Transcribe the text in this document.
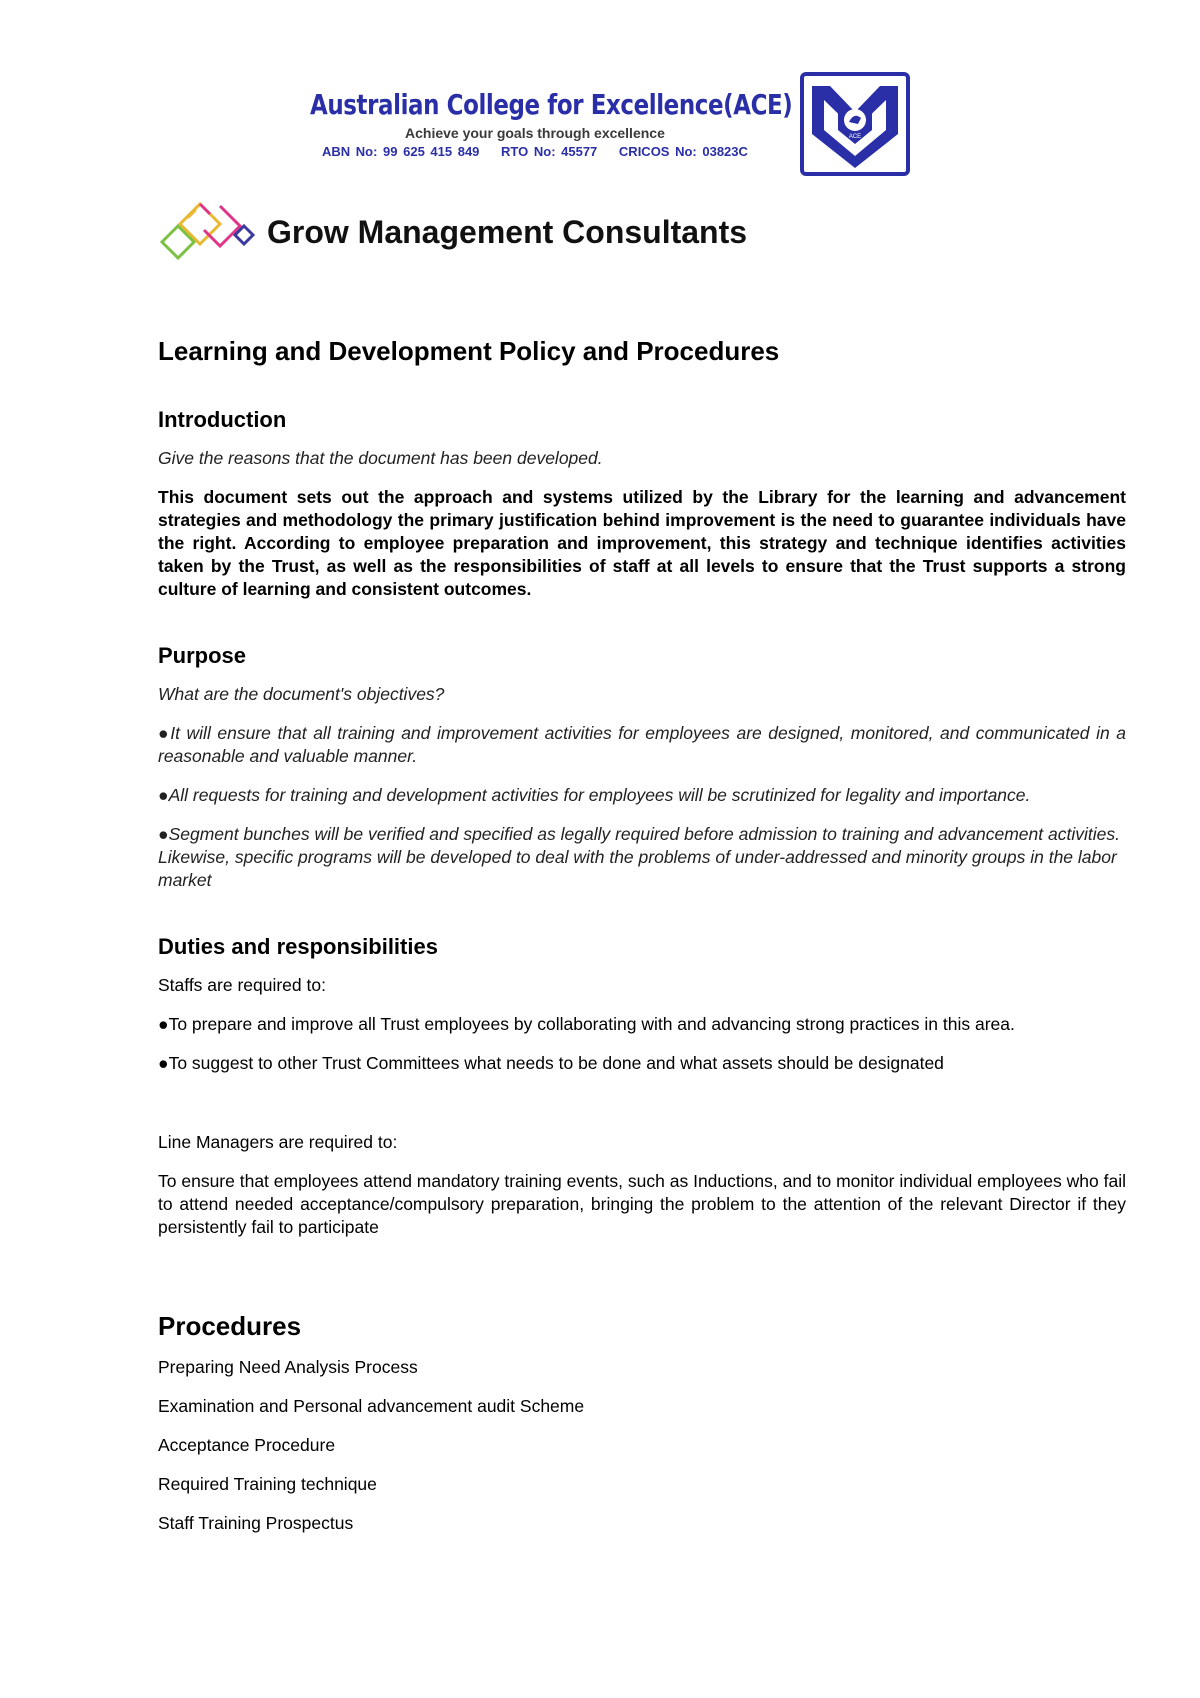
Australian College for Excellence(ACE)
Achieve your goals through excellence
ABN No: 99 625 415 849 RTO No: 45577 CRICOS No: 03823C
ACE
Grow Management Consultants
Learning and Development Policy and Procedures
Introduction

Give the reasons that the document has been developed.

This document sets out the approach and systems utilized by the Library for the learning and advancement strategies and methodology the primary justification behind improvement is the need to guarantee individuals have the right. According to employee preparation and improvement, this strategy and technique identifies activities taken by the Trust, as well as the responsibilities of staff at all levels to ensure that the Trust supports a strong culture of learning and consistent outcomes.

Purpose

What are the document's objectives?

●It will ensure that all training and improvement activities for employees are designed, monitored, and communicated in a reasonable and valuable manner.

●All requests for training and development activities for employees will be scrutinized for legality and importance.

●Segment bunches will be verified and specified as legally required before admission to training and advancement activities. Likewise, specific programs will be developed to deal with the problems of under-addressed and minority groups in the labor market

Duties and responsibilities

Staffs are required to:

●To prepare and improve all Trust employees by collaborating with and advancing strong practices in this area.

●To suggest to other Trust Committees what needs to be done and what assets should be designated

Line Managers are required to:

To ensure that employees attend mandatory training events, such as Inductions, and to monitor individual employees who fail to attend needed acceptance/compulsory preparation, bringing the problem to the attention of the relevant Director if they persistently fail to participate

Procedures

Preparing Need Analysis Process

Examination and Personal advancement audit Scheme

Acceptance Procedure

Required Training technique

Staff Training Prospectus
